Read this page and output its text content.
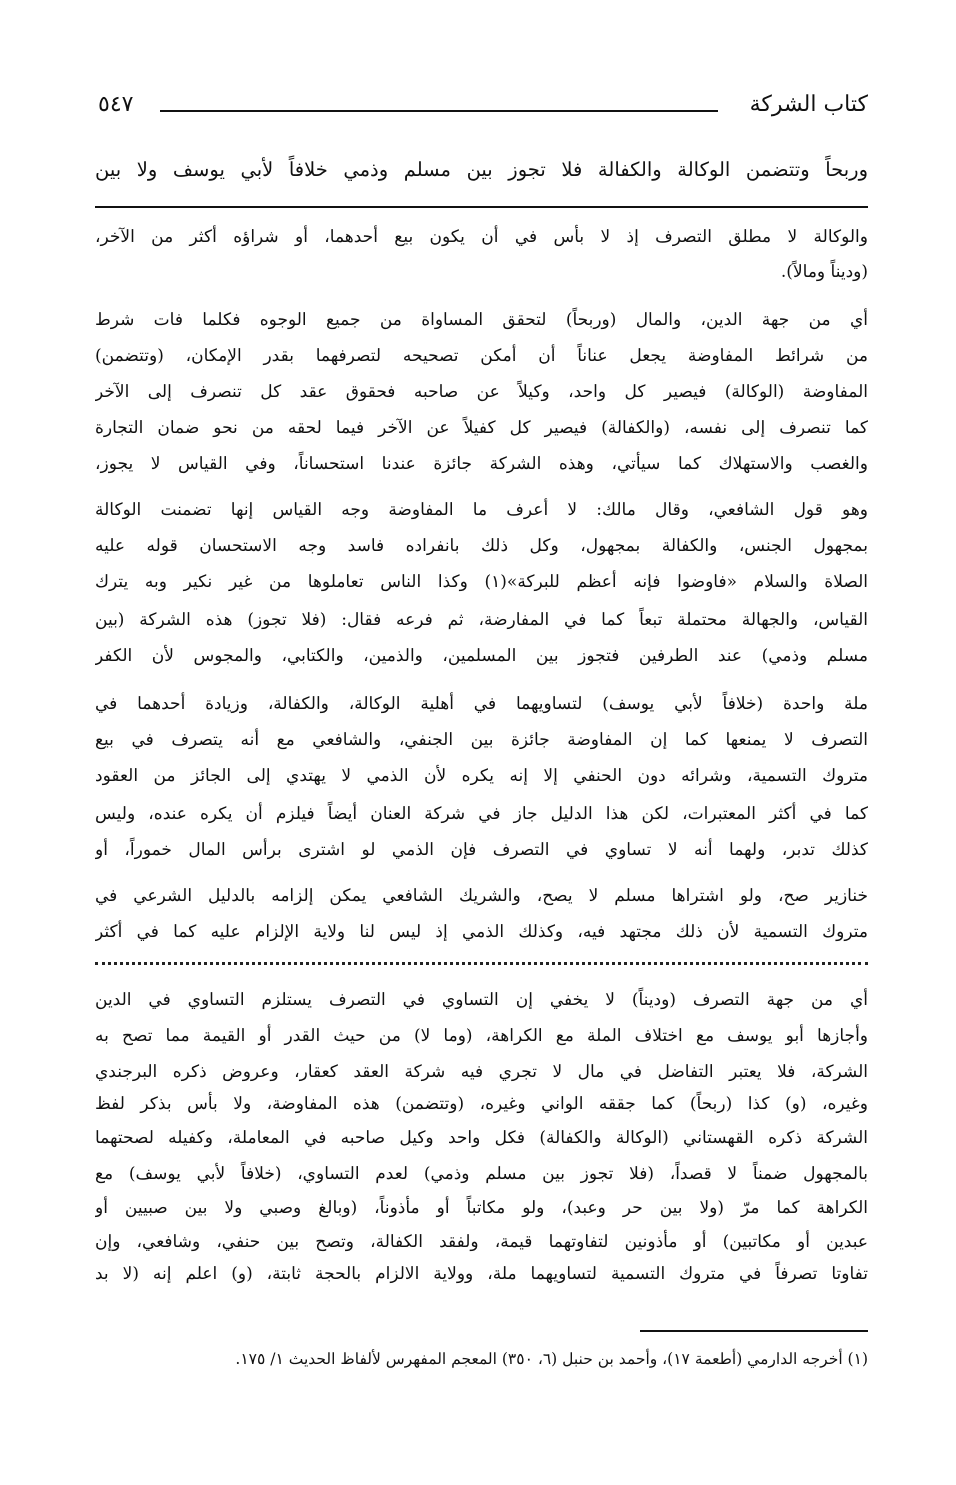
كتاب الشركة
٥٤٧
وربحاً وتتضمن الوكالة والكفالة فلا تجوز بين مسلم وذمي خلافاً لأبي يوسف ولا بين
والوكالة لا مطلق التصرف إذ لا بأس في أن يكون بيع أحدهما، أو شراؤه أكثر من الآخر،
(وديناً ومالاً).
أي من جهة الدين، والمال (وربحاً) لتحقق المساواة من جميع الوجوه فكلما فات شرط
من شرائط المفاوضة يجعل عناناً أن أمكن تصحيحه لتصرفهما بقدر الإمكان، (وتتضمن)
المفاوضة (الوكالة) فيصير كل واحد، وكيلاً عن صاحبه فحقوق عقد كل تنصرف إلى الآخر
كما تنصرف إلى نفسه، (والكفالة) فيصير كل كفيلاً عن الآخر فيما لحقه من نحو ضمان التجارة
والغصب والاستهلاك كما سيأتي، وهذه الشركة جائزة عندنا استحساناً، وفي القياس لا يجوز،
وهو قول الشافعي، وقال مالك: لا أعرف ما المفاوضة وجه القياس إنها تضمنت الوكالة
بمجهول الجنس، والكفالة بمجهول، وكل ذلك بانفراده فاسد وجه الاستحسان قوله عليه
الصلاة والسلام «فاوضوا فإنه أعظم للبركة»(١) وكذا الناس تعاملوها من غير نكير وبه يترك
القياس، والجهالة محتملة تبعاً كما في المفارضة، ثم فرعه فقال: (فلا تجوز) هذه الشركة (بين
مسلم وذمي) عند الطرفين فتجوز بين المسلمين، والذمين، والكتابي، والمجوس لأن الكفر
ملة واحدة (خلافاً لأبي يوسف) لتساويهما في أهلية الوكالة، والكفالة، وزيادة أحدهما في
التصرف لا يمنعها كما إن المفاوضة جائزة بين الجنفي، والشافعي مع أنه يتصرف في بيع
متروك التسمية، وشرائه دون الحنفي إلا إنه يكره لأن الذمي لا يهتدي إلى الجائز من العقود
كما في أكثر المعتبرات، لكن هذا الدليل جاز في شركة العنان أيضاً فيلزم أن يكره عنده، وليس
كذلك تدبر، ولهما أنه لا تساوي في التصرف فإن الذمي لو اشترى برأس المال خموراً، أو
خنازير صح، ولو اشتراها مسلم لا يصح، والشريك الشافعي يمكن إلزامه بالدليل الشرعي في
متروك التسمية لأن ذلك مجتهد فيه، وكذلك الذمي إذ ليس لنا ولاية الإلزام عليه كما في أكثر
أي من جهة التصرف (وديناً) لا يخفي إن التساوي في التصرف يستلزم التساوي في الدين
وأجازها أبو يوسف مع اختلاف الملة مع الكراهة، (وما لا) من حيث القدر أو القيمة مما تصح به
الشركة، فلا يعتبر التفاضل في مال لا تجري فيه شركة العقد كعقار، وعروض ذكره البرجندي
وغيره، (و) كذا (ربحاً) كما جققه الواني وغيره، (وتتضمن) هذه المفاوضة، ولا بأس بذكر لفظ
الشركة ذكره القهستاني (الوكالة والكفالة) فكل واحد وكيل صاحبه في المعاملة، وكفيله لصحتهما
بالمجهول ضمناً لا قصداً، (فلا تجوز بين مسلم وذمي) لعدم التساوي، (خلافاً لأبي يوسف) مع
الكراهة كما مرّ (ولا بين حر وعبد)، ولو مكاتباً أو مأذوناً، (وبالغ وصبي ولا بين صبيين أو
عبدين أو مكاتبين) أو مأذونين لتفاوتهما قيمة، ولفقد الكفالة، وتصح بين حنفي، وشافعي، وإن
تفاوتا تصرفاً في متروك التسمية لتساويهما ملة، وولاية الالزام بالحجة ثابتة، (و) اعلم إنه (لا بد
(١) أخرجه الدارمي (أطعمة ١٧)، وأحمد بن حنبل (٦، ٣٥٠) المعجم المفهرس لألفاظ الحديث ١/ ١٧٥.
